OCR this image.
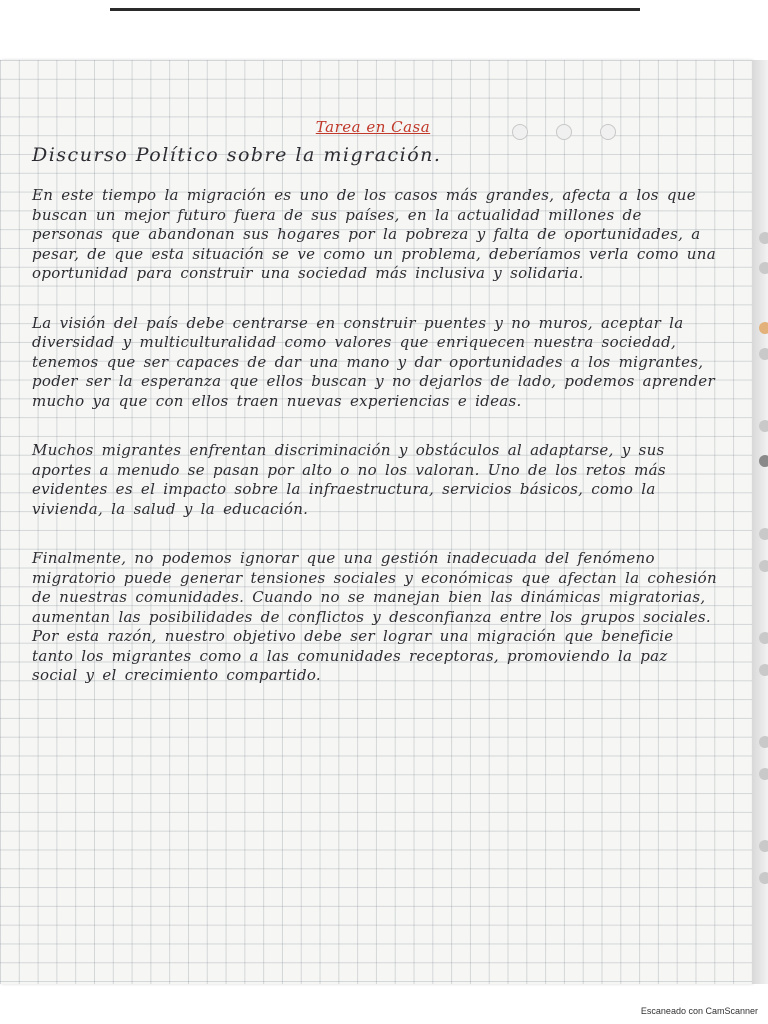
Tarea en Casa
Discurso Político sobre la migración.

En este tiempo la migración es uno de los casos más grandes, afecta a los que buscan un mejor futuro fuera de sus países, en la actualidad millones de personas que abandonan sus hogares por la pobreza y falta de oportunidades, a pesar, de que esta situación se ve como un problema, deberíamos verla como una oportunidad para construir una sociedad más inclusiva y solidaria.

La visión del país debe centrarse en construir puentes y no muros, aceptar la diversidad y multiculturalidad como valores que enriquecen nuestra sociedad, tenemos que ser capaces de dar una mano y dar oportunidades a los migrantes, poder ser la esperanza que ellos buscan y no dejarlos de lado, podemos aprender mucho ya que con ellos traen nuevas experiencias e ideas.

Muchos migrantes enfrentan discriminación y obstáculos al adaptarse, y sus aportes a menudo se pasan por alto o no los valoran. Uno de los retos más evidentes es el impacto sobre la infraestructura, servicios básicos, como la vivienda, la salud y la educación.

Finalmente, no podemos ignorar que una gestión inadecuada del fenómeno migratorio puede generar tensiones sociales y económicas que afectan la cohesión de nuestras comunidades. Cuando no se manejan bien las dinámicas migratorias, aumentan las posibilidades de conflictos y desconfianza entre los grupos sociales. Por esta razón, nuestro objetivo debe ser lograr una migración que beneficie tanto los migrantes como a las comunidades receptoras, promoviendo la paz social y el crecimiento compartido.

Escaneado con CamScanner
